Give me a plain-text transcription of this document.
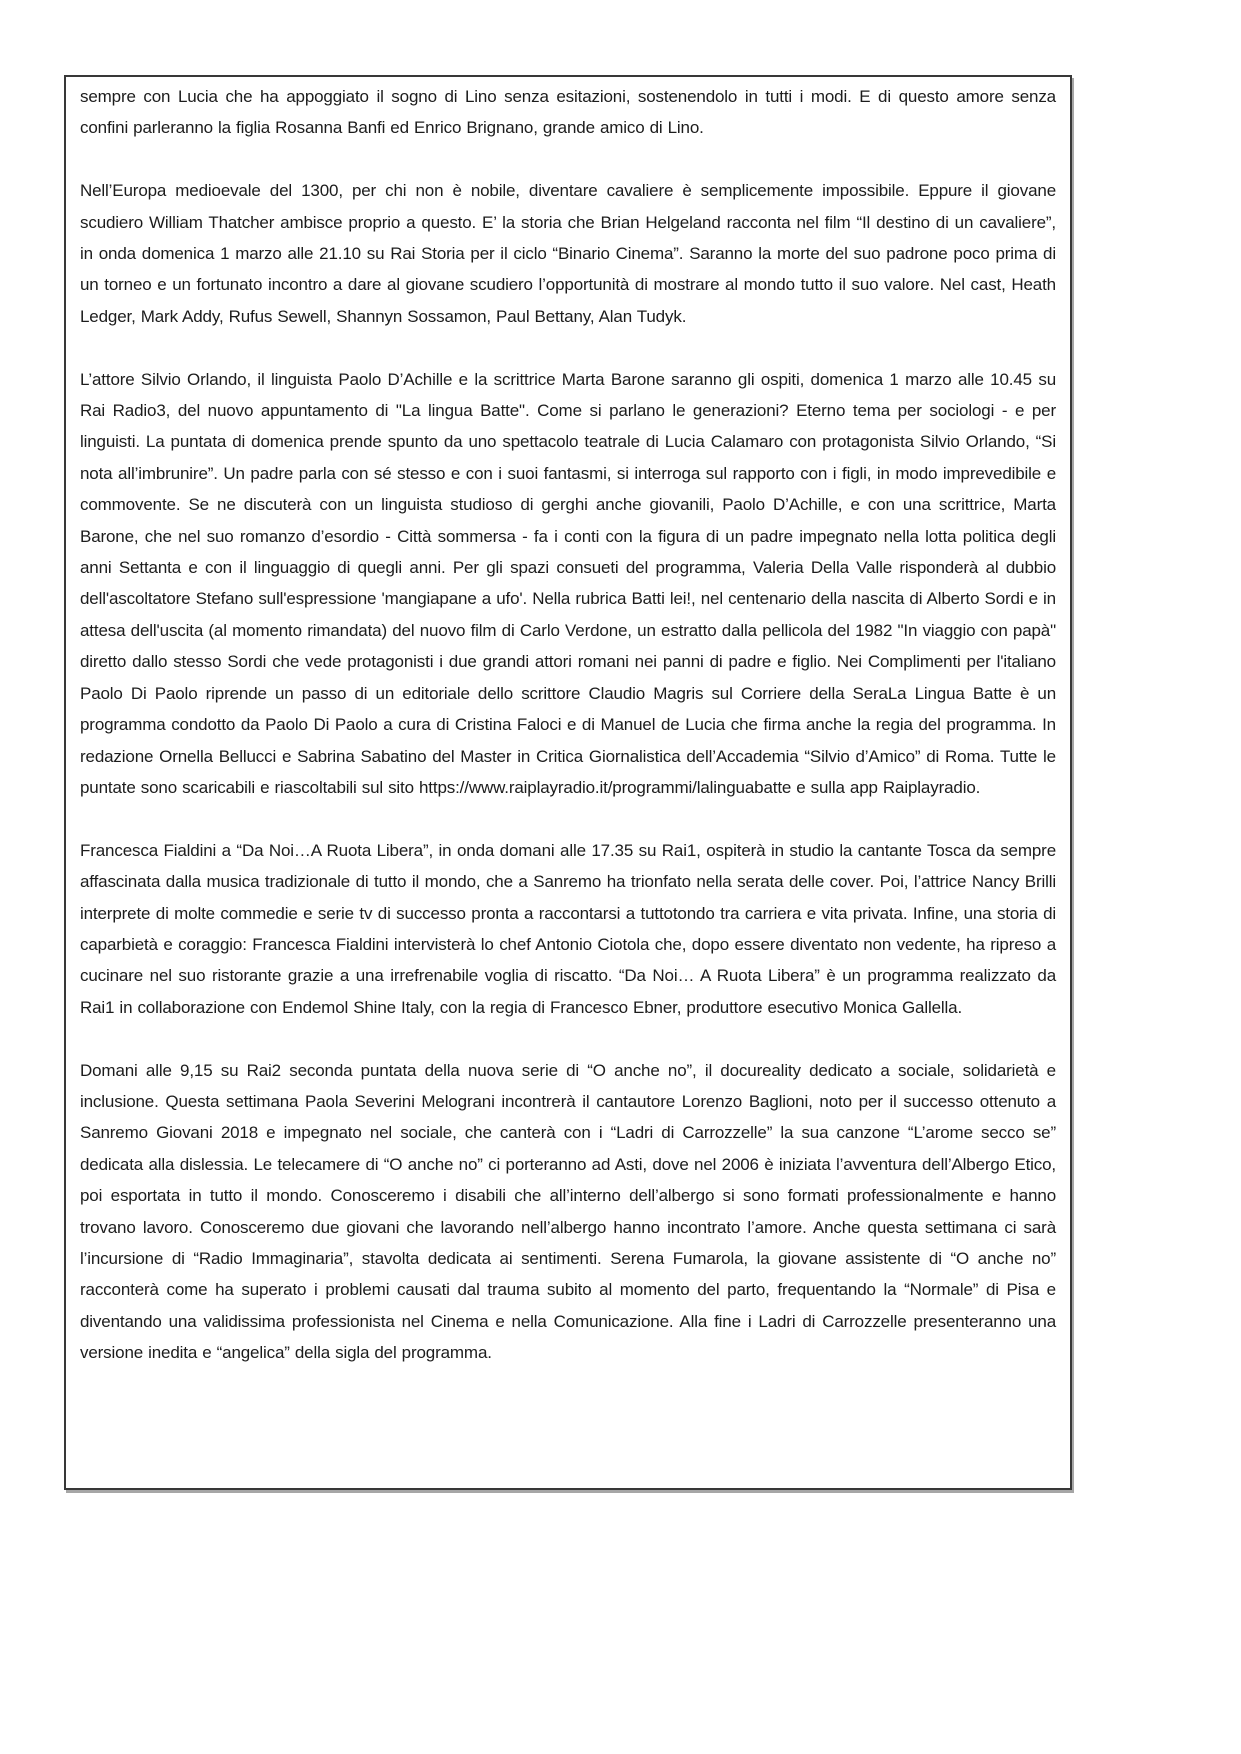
sempre con Lucia che ha appoggiato il sogno di Lino senza esitazioni, sostenendolo in tutti i modi. E di questo amore senza confini parleranno la figlia Rosanna Banfi ed Enrico Brignano, grande amico di Lino.

Nell’Europa medioevale del 1300, per chi non è nobile, diventare cavaliere è semplicemente impossibile. Eppure il giovane scudiero William Thatcher ambisce proprio a questo. E’ la storia che Brian Helgeland racconta nel film “Il destino di un cavaliere”, in onda domenica 1 marzo alle 21.10 su Rai Storia per il ciclo “Binario Cinema”. Saranno la morte del suo padrone poco prima di un torneo e un fortunato incontro a dare al giovane scudiero l’opportunità di mostrare al mondo tutto il suo valore. Nel cast, Heath Ledger, Mark Addy, Rufus Sewell, Shannyn Sossamon, Paul Bettany, Alan Tudyk.

L’attore Silvio Orlando, il linguista Paolo D’Achille e la scrittrice Marta Barone saranno gli ospiti, domenica 1 marzo alle 10.45 su Rai Radio3, del nuovo appuntamento di "La lingua Batte". Come si parlano le generazioni? Eterno tema per sociologi - e per linguisti. La puntata di domenica prende spunto da uno spettacolo teatrale di Lucia Calamaro con protagonista Silvio Orlando, “Si nota all’imbrunire”. Un padre parla con sé stesso e con i suoi fantasmi, si interroga sul rapporto con i figli, in modo imprevedibile e commovente. Se ne discuterà con un linguista studioso di gerghi anche giovanili, Paolo D’Achille, e con una scrittrice, Marta Barone, che nel suo romanzo d’esordio - Città sommersa - fa i conti con la figura di un padre impegnato nella lotta politica degli anni Settanta e con il linguaggio di quegli anni. Per gli spazi consueti del programma, Valeria Della Valle risponderà al dubbio dell'ascoltatore Stefano sull'espressione 'mangiapane a ufo'. Nella rubrica Batti lei!, nel centenario della nascita di Alberto Sordi e in attesa dell'uscita (al momento rimandata) del nuovo film di Carlo Verdone, un estratto dalla pellicola del 1982 "In viaggio con papà" diretto dallo stesso Sordi che vede protagonisti i due grandi attori romani nei panni di padre e figlio. Nei Complimenti per l'italiano Paolo Di Paolo riprende un passo di un editoriale dello scrittore Claudio Magris sul Corriere della SeraLa Lingua Batte è un programma condotto da Paolo Di Paolo a cura di Cristina Faloci e di Manuel de Lucia che firma anche la regia del programma. In redazione Ornella Bellucci e Sabrina Sabatino del Master in Critica Giornalistica dell’Accademia “Silvio d’Amico” di Roma. Tutte le puntate sono scaricabili e riascoltabili sul sito https://www.raiplayradio.it/programmi/lalinguabatte e sulla app Raiplayradio.

Francesca Fialdini a “Da Noi…A Ruota Libera”, in onda domani alle 17.35 su Rai1, ospiterà in studio la cantante Tosca da sempre affascinata dalla musica tradizionale di tutto il mondo, che a Sanremo ha trionfato nella serata delle cover. Poi, l’attrice Nancy Brilli interprete di molte commedie e serie tv di successo pronta a raccontarsi a tuttotondo tra carriera e vita privata. Infine, una storia di caparbietà e coraggio: Francesca Fialdini intervisterà lo chef Antonio Ciotola che, dopo essere diventato non vedente, ha ripreso a cucinare nel suo ristorante grazie a una irrefrenabile voglia di riscatto. “Da Noi… A Ruota Libera” è un programma realizzato da Rai1 in collaborazione con Endemol Shine Italy, con la regia di Francesco Ebner, produttore esecutivo Monica Gallella.

Domani alle 9,15 su Rai2 seconda puntata della nuova serie di “O anche no”, il docureality dedicato a sociale, solidarietà e inclusione. Questa settimana Paola Severini Melograni incontrerà il cantautore Lorenzo Baglioni, noto per il successo ottenuto a Sanremo Giovani 2018 e impegnato nel sociale, che canterà con i “Ladri di Carrozzelle” la sua canzone “L’arome secco se” dedicata alla dislessia. Le telecamere di “O anche no” ci porteranno ad Asti, dove nel 2006 è iniziata l’avventura dell’Albergo Etico, poi esportata in tutto il mondo. Conosceremo i disabili che all’interno dell’albergo si sono formati professionalmente e hanno trovano lavoro. Conosceremo due giovani che lavorando nell’albergo hanno incontrato l’amore. Anche questa settimana ci sarà l’incursione di “Radio Immaginaria”, stavolta dedicata ai sentimenti. Serena Fumarola, la giovane assistente di “O anche no” racconterà come ha superato i problemi causati dal trauma subito al momento del parto, frequentando la “Normale” di Pisa e diventando una validissima professionista nel Cinema e nella Comunicazione. Alla fine i Ladri di Carrozzelle presenteranno una versione inedita e “angelica” della sigla del programma.
